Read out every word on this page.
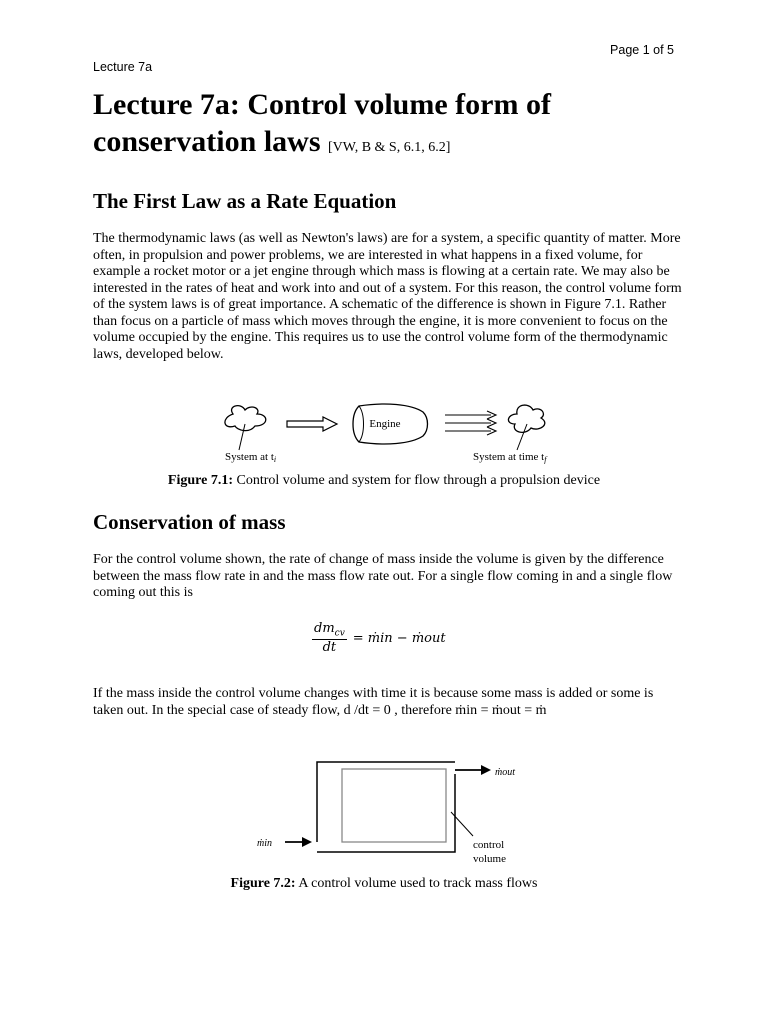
Page 1 of 5
Lecture 7a
Lecture 7a: Control volume form of conservation laws [VW, B & S, 6.1, 6.2]
The First Law as a Rate Equation

The thermodynamic laws (as well as Newton's laws) are for a system, a specific quantity of matter. More often, in propulsion and power problems, we are interested in what happens in a fixed volume, for example a rocket motor or a jet engine through which mass is flowing at a certain rate. We may also be interested in the rates of heat and work into and out of a system. For this reason, the control volume form of the system laws is of great importance. A schematic of the difference is shown in Figure 7.1. Rather than focus on a particle of mass which moves through the engine, it is more convenient to focus on the volume occupied by the engine. This requires us to use the control volume form of the thermodynamic laws, developed below.

Engine
System at ti	System at time tf

Figure 7.1: Control volume and system for flow through a propulsion device

Conservation of mass

For the control volume shown, the rate of change of mass inside the volume is given by the difference between the mass flow rate in and the mass flow rate out. For a single flow coming in and a single flow coming out this is

$dm_{cv}$
dt
= ṁin − ṁout

If the mass inside the control volume changes with time it is because some mass is added or some is taken out. In the special case of steady flow, d /dt = 0 , therefore ṁin = ṁout = ṁ

ṁout
ṁin	control
volume

Figure 7.2: A control volume used to track mass flows
